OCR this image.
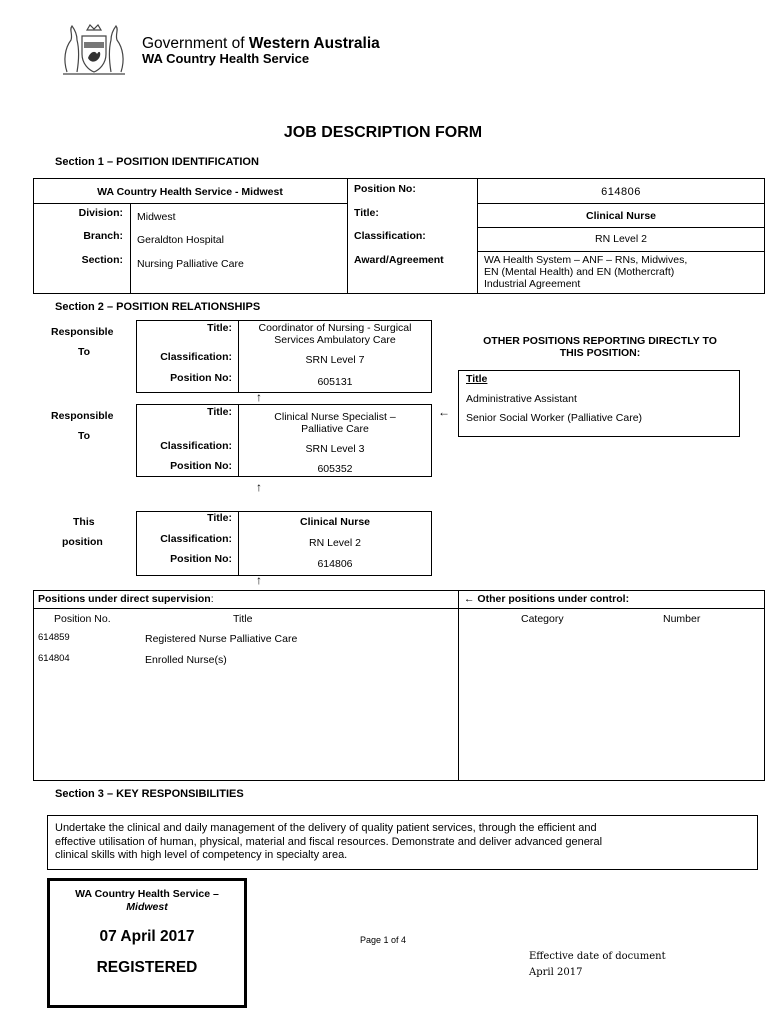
Government of Western Australia
WA Country Health Service
JOB DESCRIPTION FORM
Section 1 – POSITION IDENTIFICATION
WA Country Health Service - Midwest
Division: Midwest
Branch: Geraldton Hospital
Section: Nursing Palliative Care
Position No:	614806
Title:	Clinical Nurse
Classification:	RN Level 2
Award/Agreement	WA Health System – ANF – RNs, Midwives,
EN (Mental Health) and EN (Mothercraft)
Industrial Agreement
Section 2 – POSITION RELATIONSHIPS
Responsible
To
Responsible
To
This
position
Title:	Coordinator of Nursing - Surgical
Services Ambulatory Care
Classification:	SRN Level 7
Position No:	605131
↑
Title:	Clinical Nurse Specialist –
Palliative Care
Classification:	SRN Level 3
Position No:	605352
↑
←
Title:	Clinical Nurse
Classification:	RN Level 2
Position No:	614806
↑
OTHER POSITIONS REPORTING DIRECTLY TO
THIS POSITION:
Title
Administrative Assistant
Senior Social Worker (Palliative Care)
Positions under direct supervision:
Position No.	Title
614859	Registered Nurse Palliative Care
614804	Enrolled Nurse(s)
← Other positions under control:
Category	Number
Section 3 – KEY RESPONSIBILITIES
Undertake the clinical and daily management of the delivery of quality patient services, through the efficient and
effective utilisation of human, physical, material and fiscal resources. Demonstrate and deliver advanced general
clinical skills with high level of competency in specialty area.
WA Country Health Service –
Midwest
07 April 2017
REGISTERED
Page 1 of 4
Effective date of document
April 2017
